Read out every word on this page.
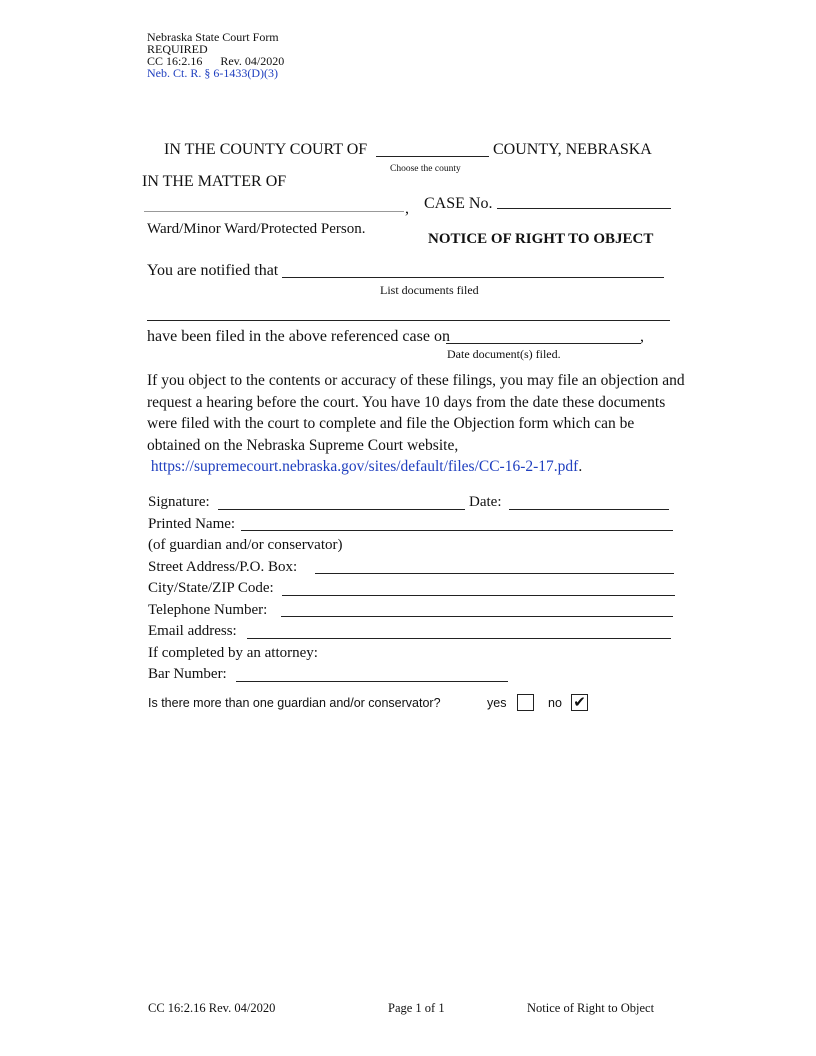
Nebraska State Court Form
REQUIRED
CC 16:2.16      Rev. 04/2020
Neb. Ct. R. § 6-1433(D)(3)
IN THE COUNTY COURT OF	COUNTY, NEBRASKA
Choose the county
IN THE MATTER OF
, CASE No.
Ward/Minor Ward/Protected Person.
NOTICE OF RIGHT TO OBJECT
You are notified that
List documents filed
have been filed in the above referenced case on	,
Date document(s) filed.
If you object to the contents or accuracy of these filings, you may file an objection and request a hearing before the court. You have 10 days from the date these documents were filed with the court to complete and file the Objection form which can be obtained on the Nebraska Supreme Court website,
https://supremecourt.nebraska.gov/sites/default/files/CC-16-2-17.pdf.
Signature:	Date:
Printed Name:
(of guardian and/or conservator)
Street Address/P.O. Box:
City/State/ZIP Code:
Telephone Number:
Email address:
If completed by an attorney:
Bar Number:
Is there more than one guardian and/or conservator?	yes	no ✔
CC 16:2.16 Rev. 04/2020	Page 1 of 1	Notice of Right to Object
